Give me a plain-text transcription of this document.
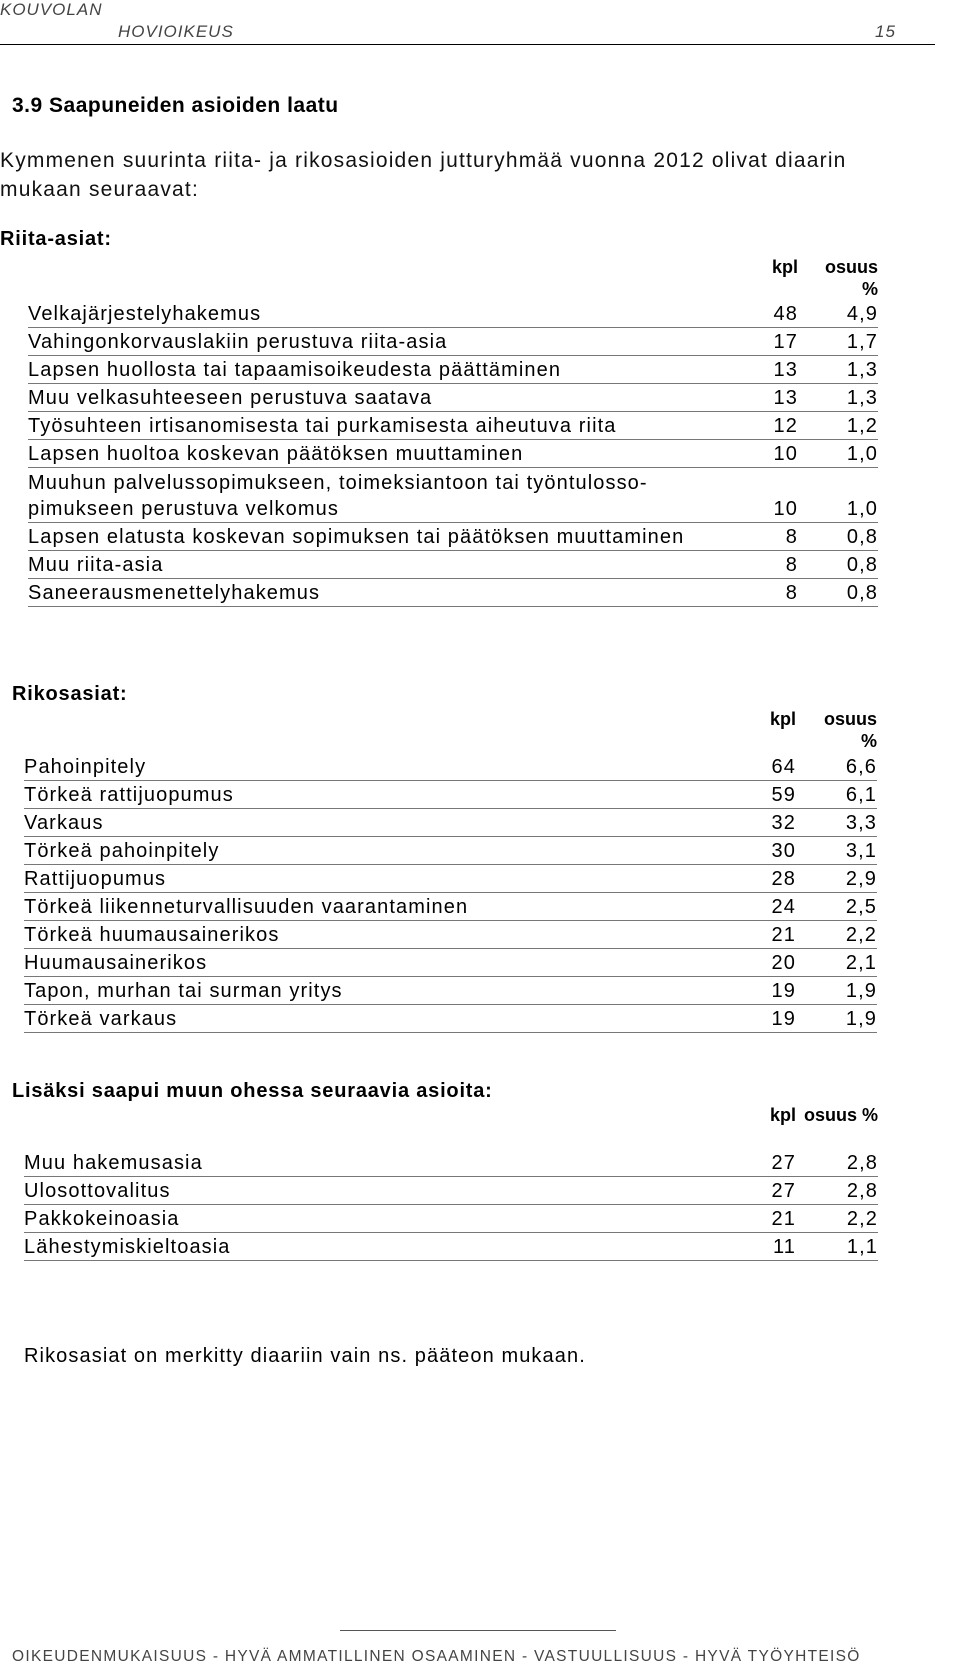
KOUVOLAN
HOVIOIKEUS	15
3.9 Saapuneiden asioiden laatu
Kymmenen suurinta riita- ja rikosasioiden jutturyhmää vuonna 2012 olivat diaarin mukaan seuraavat:
Riita-asiat:
	kpl	osuus %
Velkajärjestelyhakemus	48	4,9
Vahingonkorvauslakiin perustuva riita-asia	17	1,7
Lapsen huollosta tai tapaamisoikeudesta päättäminen	13	1,3
Muu velkasuhteeseen perustuva saatava	13	1,3
Työsuhteen irtisanomisesta tai purkamisesta aiheutuva riita	12	1,2
Lapsen huoltoa koskevan päätöksen muuttaminen	10	1,0
Muuhun palvelussopimukseen, toimeksiantoon tai työntulosso-pimukseen perustuva velkomus	10	1,0
Lapsen elatusta koskevan sopimuksen tai päätöksen muuttaminen	8	0,8
Muu riita-asia	8	0,8
Saneerausmenettelyhakemus	8	0,8
Rikosasiat:
	kpl	osuus %
Pahoinpitely	64	6,6
Törkeä rattijuopumus	59	6,1
Varkaus	32	3,3
Törkeä pahoinpitely	30	3,1
Rattijuopumus	28	2,9
Törkeä liikenneturvallisuuden vaarantaminen	24	2,5
Törkeä huumausainerikos	21	2,2
Huumausainerikos	20	2,1
Tapon, murhan tai surman yritys	19	1,9
Törkeä varkaus	19	1,9
Lisäksi saapui muun ohessa seuraavia asioita:
	kpl	osuus %
Muu hakemusasia	27	2,8
Ulosottovalitus	27	2,8
Pakkokeinoasia	21	2,2
Lähestymiskieltoasia	11	1,1
Rikosasiat on merkitty diaariin vain ns. pääteon mukaan.
OIKEUDENMUKAISUUS - HYVÄ AMMATILLINEN OSAAMINEN - VASTUULLISUUS - HYVÄ TYÖYHTEISÖ
